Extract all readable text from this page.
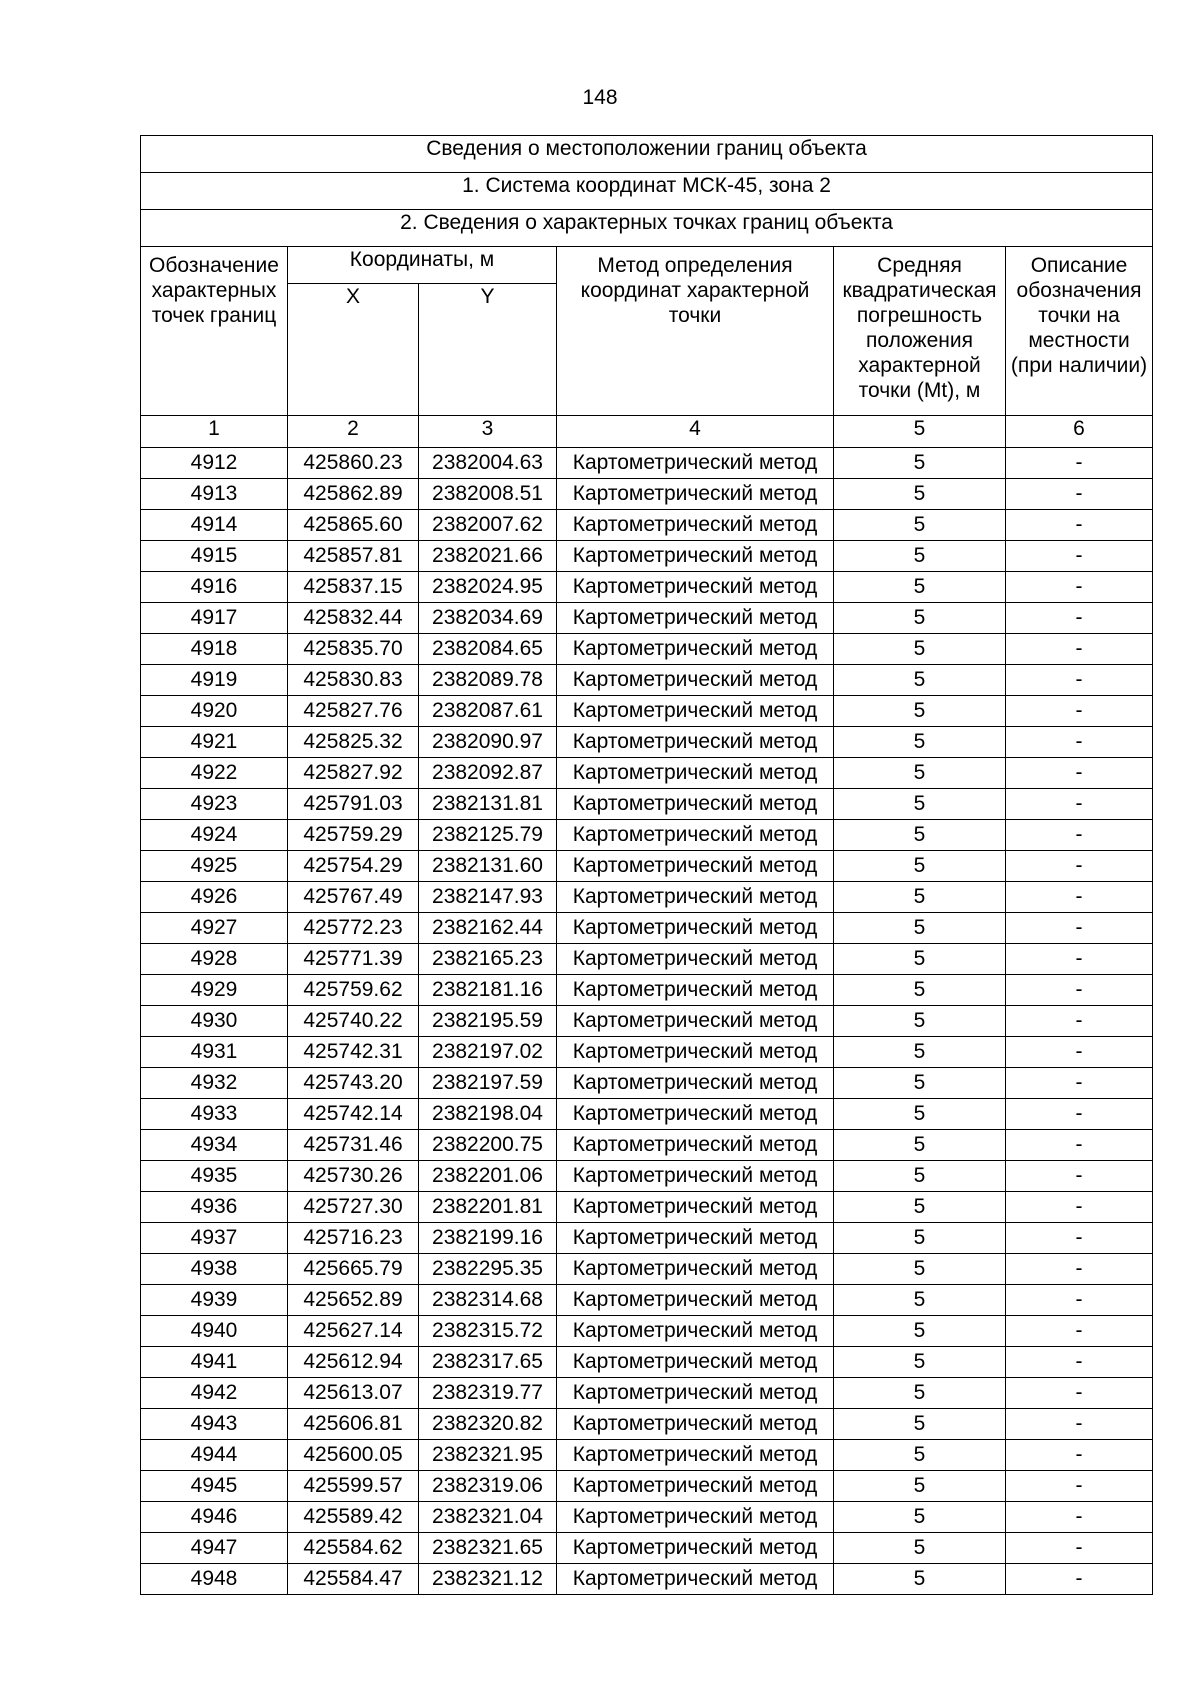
148
Сведения о местоположении границ объекта					
1. Система координат МСК-45, зона 2					
2. Сведения о характерных точках границ объекта					
Обозначение характерных точек границ	Координаты, м		Метод определения координат характерной точки	Средняя квадратическая погрешность положения характерной точки (Mt), м	Описание обозначения точки на местности (при наличии)
	X	Y			
1	2	3	4	5	6
4912	425860.23	2382004.63	Картометрический метод	5	-
4913	425862.89	2382008.51	Картометрический метод	5	-
4914	425865.60	2382007.62	Картометрический метод	5	-
4915	425857.81	2382021.66	Картометрический метод	5	-
4916	425837.15	2382024.95	Картометрический метод	5	-
4917	425832.44	2382034.69	Картометрический метод	5	-
4918	425835.70	2382084.65	Картометрический метод	5	-
4919	425830.83	2382089.78	Картометрический метод	5	-
4920	425827.76	2382087.61	Картометрический метод	5	-
4921	425825.32	2382090.97	Картометрический метод	5	-
4922	425827.92	2382092.87	Картометрический метод	5	-
4923	425791.03	2382131.81	Картометрический метод	5	-
4924	425759.29	2382125.79	Картометрический метод	5	-
4925	425754.29	2382131.60	Картометрический метод	5	-
4926	425767.49	2382147.93	Картометрический метод	5	-
4927	425772.23	2382162.44	Картометрический метод	5	-
4928	425771.39	2382165.23	Картометрический метод	5	-
4929	425759.62	2382181.16	Картометрический метод	5	-
4930	425740.22	2382195.59	Картометрический метод	5	-
4931	425742.31	2382197.02	Картометрический метод	5	-
4932	425743.20	2382197.59	Картометрический метод	5	-
4933	425742.14	2382198.04	Картометрический метод	5	-
4934	425731.46	2382200.75	Картометрический метод	5	-
4935	425730.26	2382201.06	Картометрический метод	5	-
4936	425727.30	2382201.81	Картометрический метод	5	-
4937	425716.23	2382199.16	Картометрический метод	5	-
4938	425665.79	2382295.35	Картометрический метод	5	-
4939	425652.89	2382314.68	Картометрический метод	5	-
4940	425627.14	2382315.72	Картометрический метод	5	-
4941	425612.94	2382317.65	Картометрический метод	5	-
4942	425613.07	2382319.77	Картометрический метод	5	-
4943	425606.81	2382320.82	Картометрический метод	5	-
4944	425600.05	2382321.95	Картометрический метод	5	-
4945	425599.57	2382319.06	Картометрический метод	5	-
4946	425589.42	2382321.04	Картометрический метод	5	-
4947	425584.62	2382321.65	Картометрический метод	5	-
4948	425584.47	2382321.12	Картометрический метод	5	-
